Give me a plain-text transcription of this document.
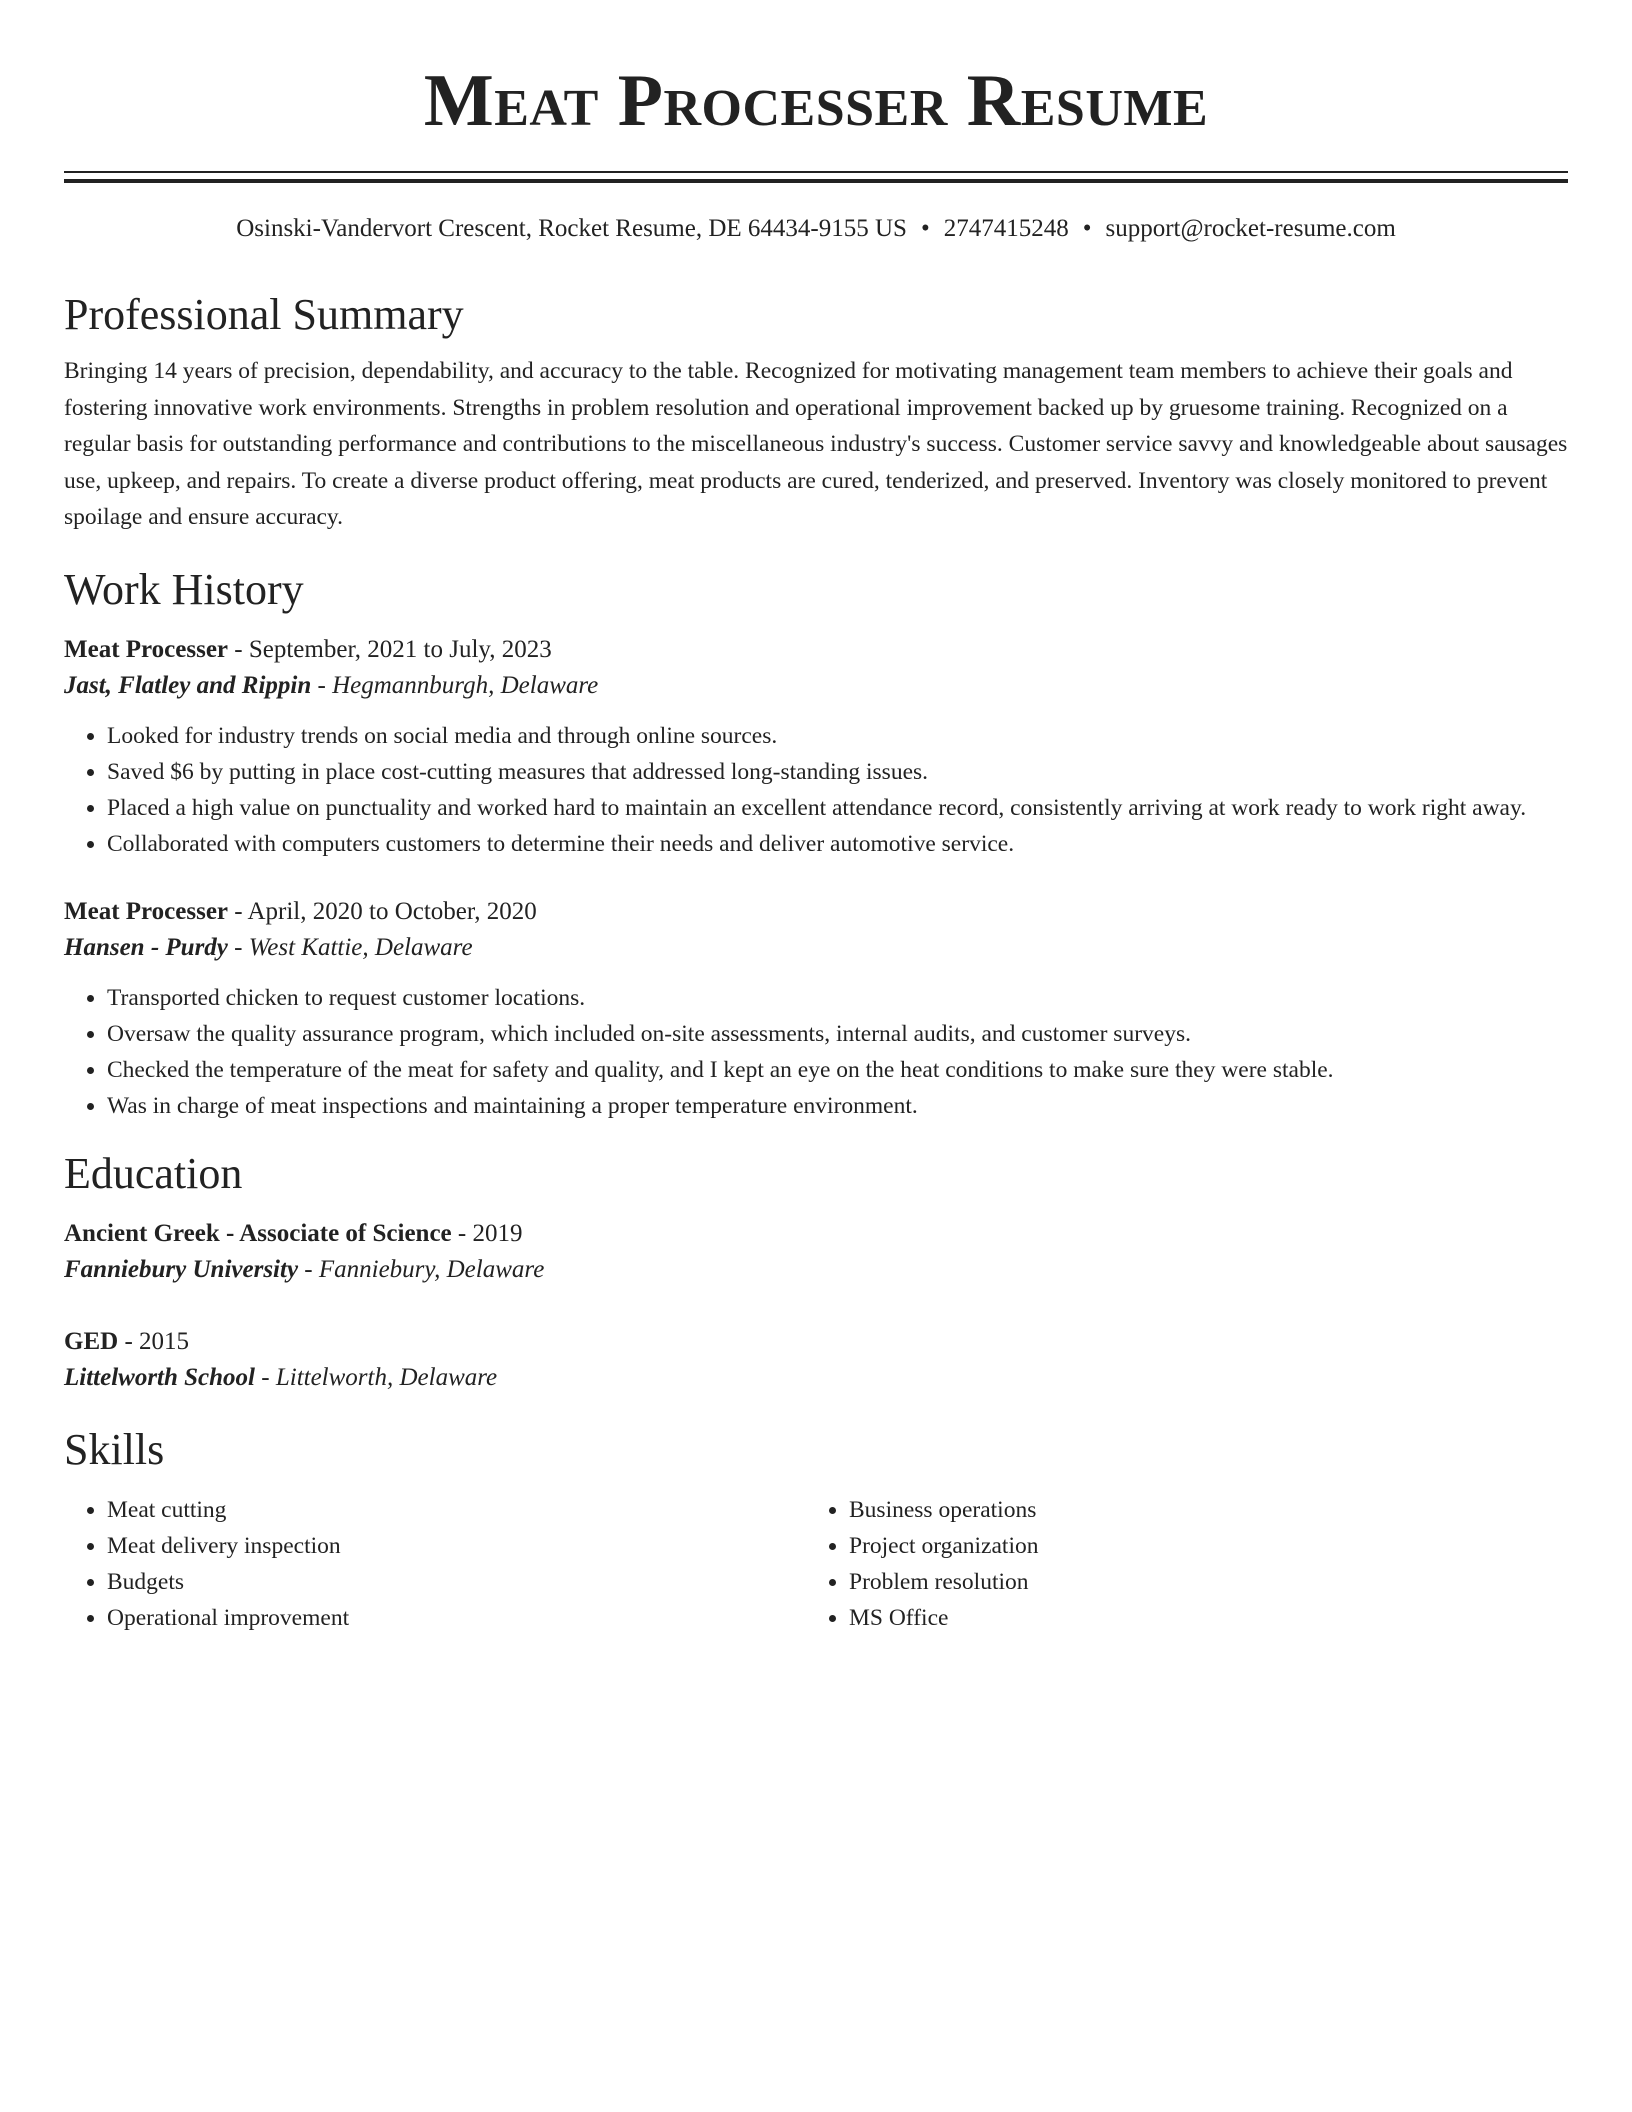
Meat Processer Resume
Osinski-Vandervort Crescent, Rocket Resume, DE 64434-9155 US • 2747415248 • support@rocket-resume.com
Professional Summary
Bringing 14 years of precision, dependability, and accuracy to the table. Recognized for motivating management team members to achieve their goals and fostering innovative work environments. Strengths in problem resolution and operational improvement backed up by gruesome training. Recognized on a regular basis for outstanding performance and contributions to the miscellaneous industry's success. Customer service savvy and knowledgeable about sausages use, upkeep, and repairs. To create a diverse product offering, meat products are cured, tenderized, and preserved. Inventory was closely monitored to prevent spoilage and ensure accuracy.
Work History
Meat Processer - September, 2021 to July, 2023
Jast, Flatley and Rippin - Hegmannburgh, Delaware
• Looked for industry trends on social media and through online sources.
• Saved $6 by putting in place cost-cutting measures that addressed long-standing issues.
• Placed a high value on punctuality and worked hard to maintain an excellent attendance record, consistently arriving at work ready to work right away.
• Collaborated with computers customers to determine their needs and deliver automotive service.
Meat Processer - April, 2020 to October, 2020
Hansen - Purdy - West Kattie, Delaware
• Transported chicken to request customer locations.
• Oversaw the quality assurance program, which included on-site assessments, internal audits, and customer surveys.
• Checked the temperature of the meat for safety and quality, and I kept an eye on the heat conditions to make sure they were stable.
• Was in charge of meat inspections and maintaining a proper temperature environment.
Education
Ancient Greek - Associate of Science - 2019
Fanniebury University - Fanniebury, Delaware
GED - 2015
Littelworth School - Littelworth, Delaware
Skills
• Meat cutting
• Meat delivery inspection
• Budgets
• Operational improvement
• Business operations
• Project organization
• Problem resolution
• MS Office
